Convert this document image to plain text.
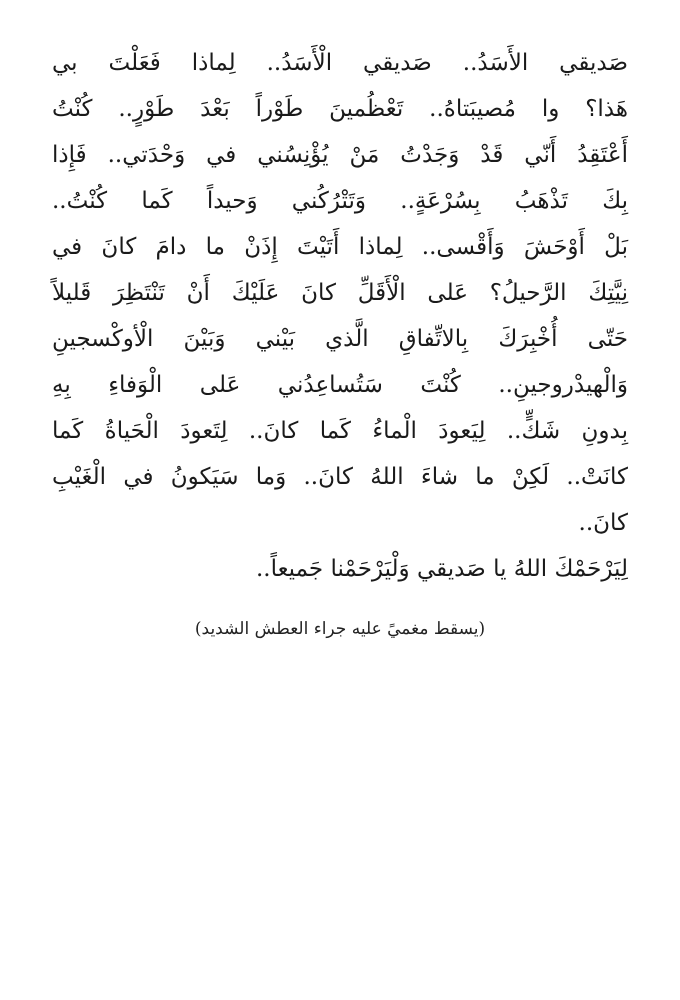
صَديقي الأَسَدُ.. صَديقي الْأَسَدُ.. لِماذا فَعَلْتَ بي
هَذا؟ وا مُصيبَتاهُ.. تَعْظُمينَ طَوْراً بَعْدَ طَوْرٍ.. كُنْتُ
أَعْتَقِدُ أَنّي قَدْ وَجَدْتُ مَنْ يُؤْنِسُني في وَحْدَتي.. فَإِذا
بِكَ تَذْهَبُ بِسُرْعَةٍ.. وَتَتْرُكُني وَحيداً كَما كُنْتُ..
بَلْ أَوْحَشَ وَأَقْسى.. لِماذا أَتَيْتَ إِذَنْ ما دامَ كانَ في
نِيَّتِكَ الرَّحيلُ؟ عَلى الْأَقَلِّ كانَ عَلَيْكَ أَنْ تَنْتَظِرَ قَليلاً
حَتّى أُخْبِرَكَ بِالاتِّفاقِ الَّذي بَيْني وَبَيْنَ الْأوكْسجينِ
وَالْهيدْروجينِ.. كُنْتَ سَتُساعِدُني عَلى الْوَفاءِ بِهِ
بِدونِ شَكٍّ.. لِيَعودَ الْماءُ كَما كانَ.. لِتَعودَ الْحَياةُ كَما
كانَتْ.. لَكِنْ ما شاءَ اللهُ كانَ.. وَما سَيَكونُ في الْغَيْبِ
كانَ..

لِيَرْحَمْكَ اللهُ يا صَديقي وَلْيَرْحَمْنا جَميعاً..

(يسقط مغميً عليه جراء العطش الشديد)
